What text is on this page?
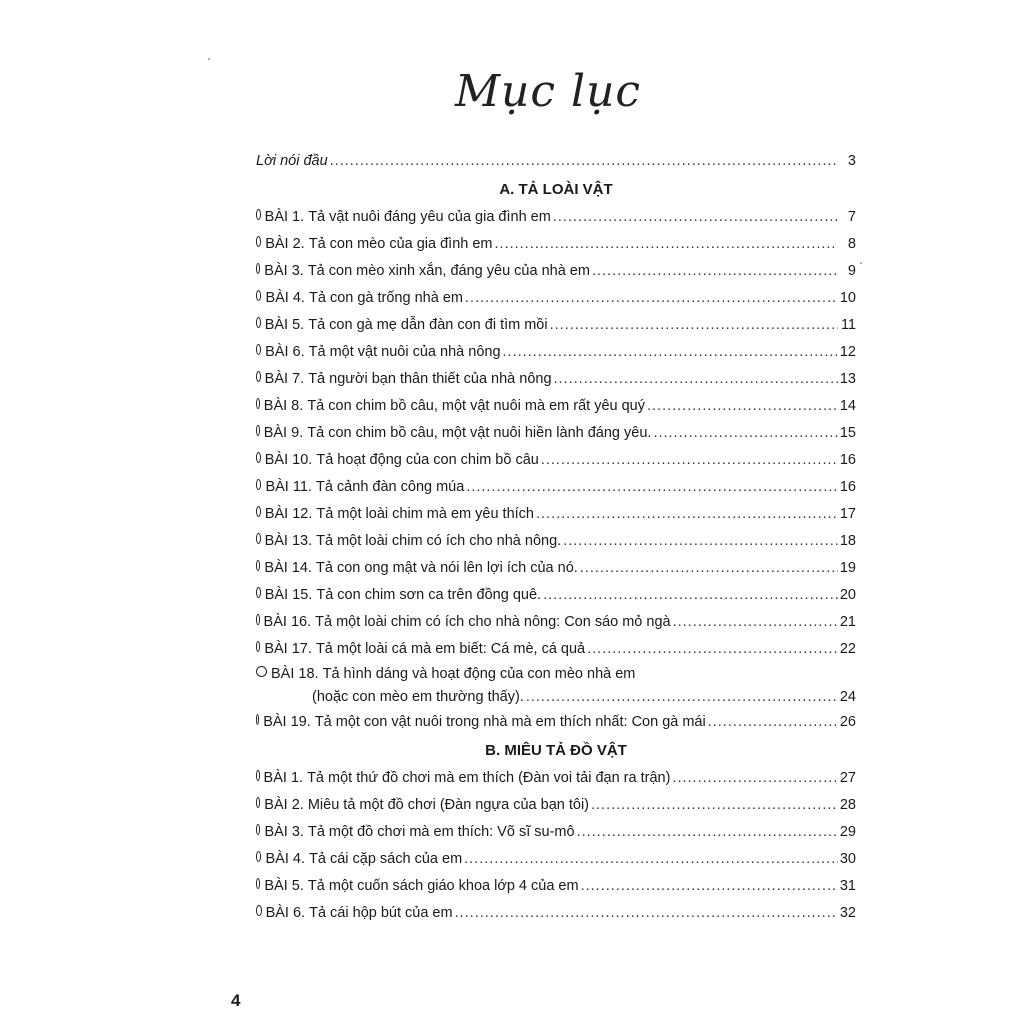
Mục lục
Lời nói đầu .....	3
A. TẢ LOÀI VẬT
BÀI 1. Tả vật nuôi đáng yêu của gia đình em .....	7
BÀI 2. Tả con mèo của gia đình em .....	8
BÀI 3. Tả con mèo xinh xắn, đáng yêu của nhà em .....	9
BÀI 4. Tả con gà trống nhà em .....	10
BÀI 5. Tả con gà mẹ dẫn đàn con đi tìm mồi .....	11
BÀI 6. Tả một vật nuôi của nhà nông .....	12
BÀI 7. Tả người bạn thân thiết của nhà nông .....	13
BÀI 8. Tả con chim bồ câu, một vật nuôi mà em rất yêu quý .....	14
BÀI 9. Tả con chim bồ câu, một vật nuôi hiền lành đáng yêu. .....	15
BÀI 10. Tả hoạt động của con chim bồ câu .....	16
BÀI 11. Tả cảnh đàn công múa .....	16
BÀI 12. Tả một loài chim mà em yêu thích .....	17
BÀI 13. Tả một loài chim có ích cho nhà nông. .....	18
BÀI 14. Tả con ong mật và nói lên lợi ích của nó. .....	19
BÀI 15. Tả con chim sơn ca trên đồng quê. .....	20
BÀI 16. Tả một loài chim có ích cho nhà nông: Con sáo mỏ ngà .....	21
BÀI 17. Tả một loài cá mà em biết: Cá mè, cá quả .....	22
BÀI 18. Tả hình dáng và hoạt động của con mèo nhà em
(hoặc con mèo em thường thấy). .....	24
BÀI 19. Tả một con vật nuôi trong nhà mà em thích nhất: Con gà mái .....	26
B. MIÊU TẢ ĐỒ VẬT
BÀI 1. Tả một thứ đồ chơi mà em thích (Đàn voi tải đạn ra trận) .....	27
BÀI 2. Miêu tả một đồ chơi (Đàn ngựa của bạn tôi) .....	28
BÀI 3. Tả một đồ chơi mà em thích: Võ sĩ su-mô .....	29
BÀI 4. Tả cái cặp sách của em .....	30
BÀI 5. Tả một cuốn sách giáo khoa lớp 4 của em .....	31
BÀI 6. Tả cái hộp bút của em .....	32
4
